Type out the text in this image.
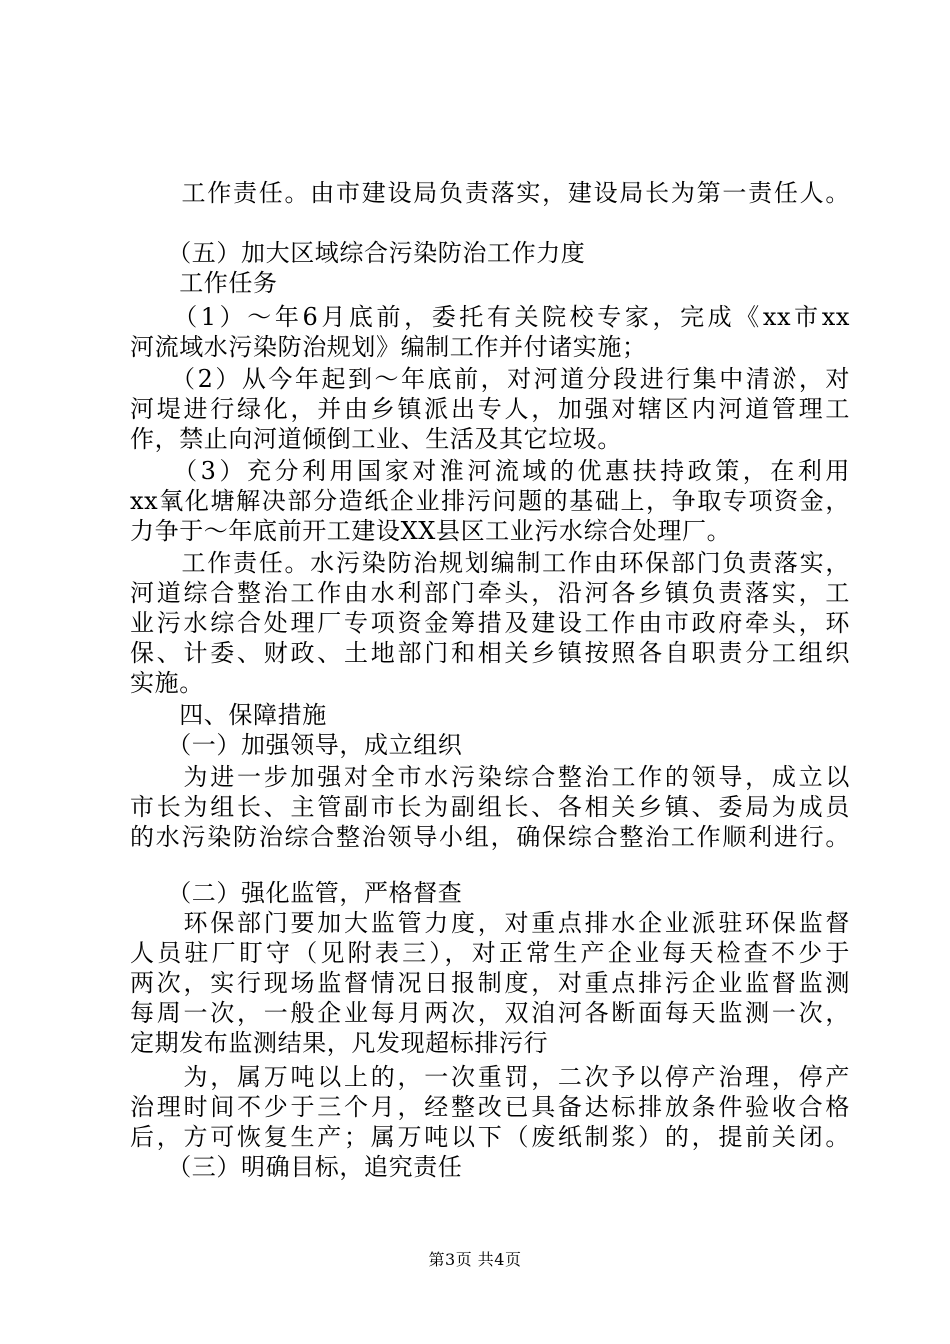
　　工作责任。由市建设局负责落实，建设局长为第一责任人。
　　（五）加大区域综合污染防治工作力度
　　工作任务
　　（1）～年6月底前，委托有关院校专家，完成《xx市xx
河流域水污染防治规划》编制工作并付诸实施；
　　（2）从今年起到～年底前，对河道分段进行集中清淤，对
河堤进行绿化，并由乡镇派出专人，加强对辖区内河道管理工
作，禁止向河道倾倒工业、生活及其它垃圾。
　　（3）充分利用国家对淮河流域的优惠扶持政策，在利用
xx氧化塘解决部分造纸企业排污问题的基础上，争取专项资金，
力争于～年底前开工建设XX县区工业污水综合处理厂。
　　工作责任。水污染防治规划编制工作由环保部门负责落实，
河道综合整治工作由水利部门牵头，沿河各乡镇负责落实，工
业污水综合处理厂专项资金筹措及建设工作由市政府牵头，环
保、计委、财政、土地部门和相关乡镇按照各自职责分工组织
实施。
　　四、保障措施
　　（一）加强领导，成立组织
　　为进一步加强对全市水污染综合整治工作的领导，成立以
市长为组长、主管副市长为副组长、各相关乡镇、委局为成员
的水污染防治综合整治领导小组，确保综合整治工作顺利进行。
　　（二）强化监管，严格督查
　　环保部门要加大监管力度，对重点排水企业派驻环保监督
人员驻厂盯守（见附表三），对正常生产企业每天检查不少于
两次，实行现场监督情况日报制度，对重点排污企业监督监测
每周一次，一般企业每月两次，双洎河各断面每天监测一次，
定期发布监测结果，凡发现超标排污行
　　为，属万吨以上的，一次重罚，二次予以停产治理，停产
治理时间不少于三个月，经整改已具备达标排放条件验收合格
后，方可恢复生产；属万吨以下（废纸制浆）的，提前关闭。
　　（三）明确目标，追究责任
第3页 共4页
